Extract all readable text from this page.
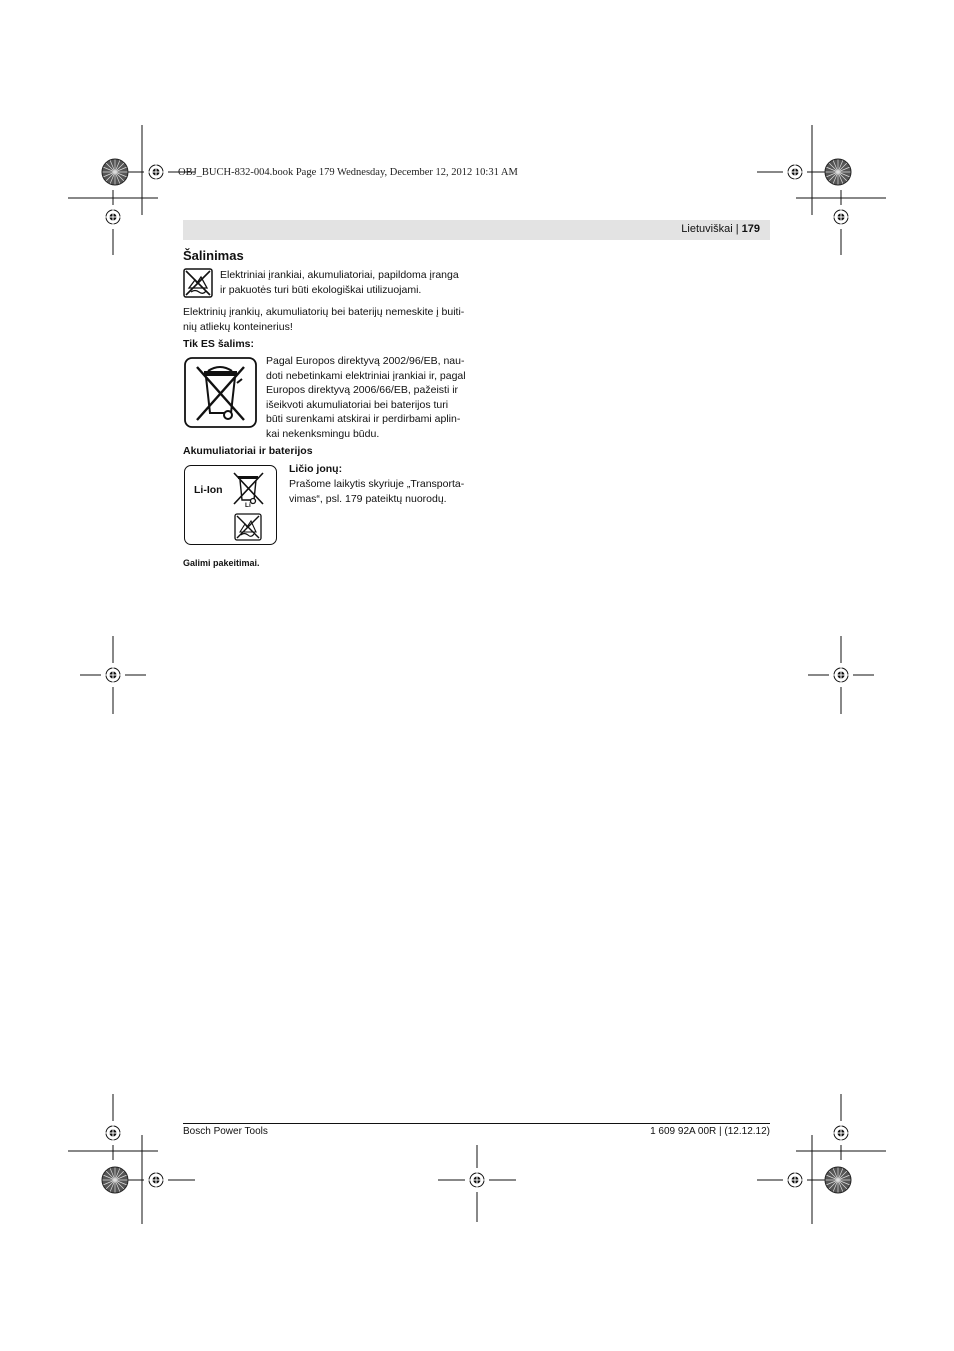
OBJ_BUCH-832-004.book Page 179 Wednesday, December 12, 2012 10:31 AM
Lietuviškai | 179
Šalinimas
Elektriniai įrankiai, akumuliatoriai, papildoma įranga
ir pakuotės turi būti ekologiškai utilizuojami.
Elektrinių įrankių, akumuliatorių bei baterijų nemeskite į buiti-
nių atliekų konteinerius!
Tik ES šalims:
Pagal Europos direktyvą 2002/96/EB, nau-
doti nebetinkami elektriniai įrankiai ir, pagal
Europos direktyvą 2006/66/EB, pažeisti ir
išeikvoti akumuliatoriai bei baterijos turi
būti surenkami atskirai ir perdirbami aplin-
kai nekenksmingu būdu.
Akumuliatoriai ir baterijos
Li-Ion
Li
Ličio jonų:
Prašome laikytis skyriuje „Transporta-
vimas“, psl. 179 pateiktų nuorodų.
Galimi pakeitimai.
Bosch Power Tools	1 609 92A 00R | (12.12.12)
